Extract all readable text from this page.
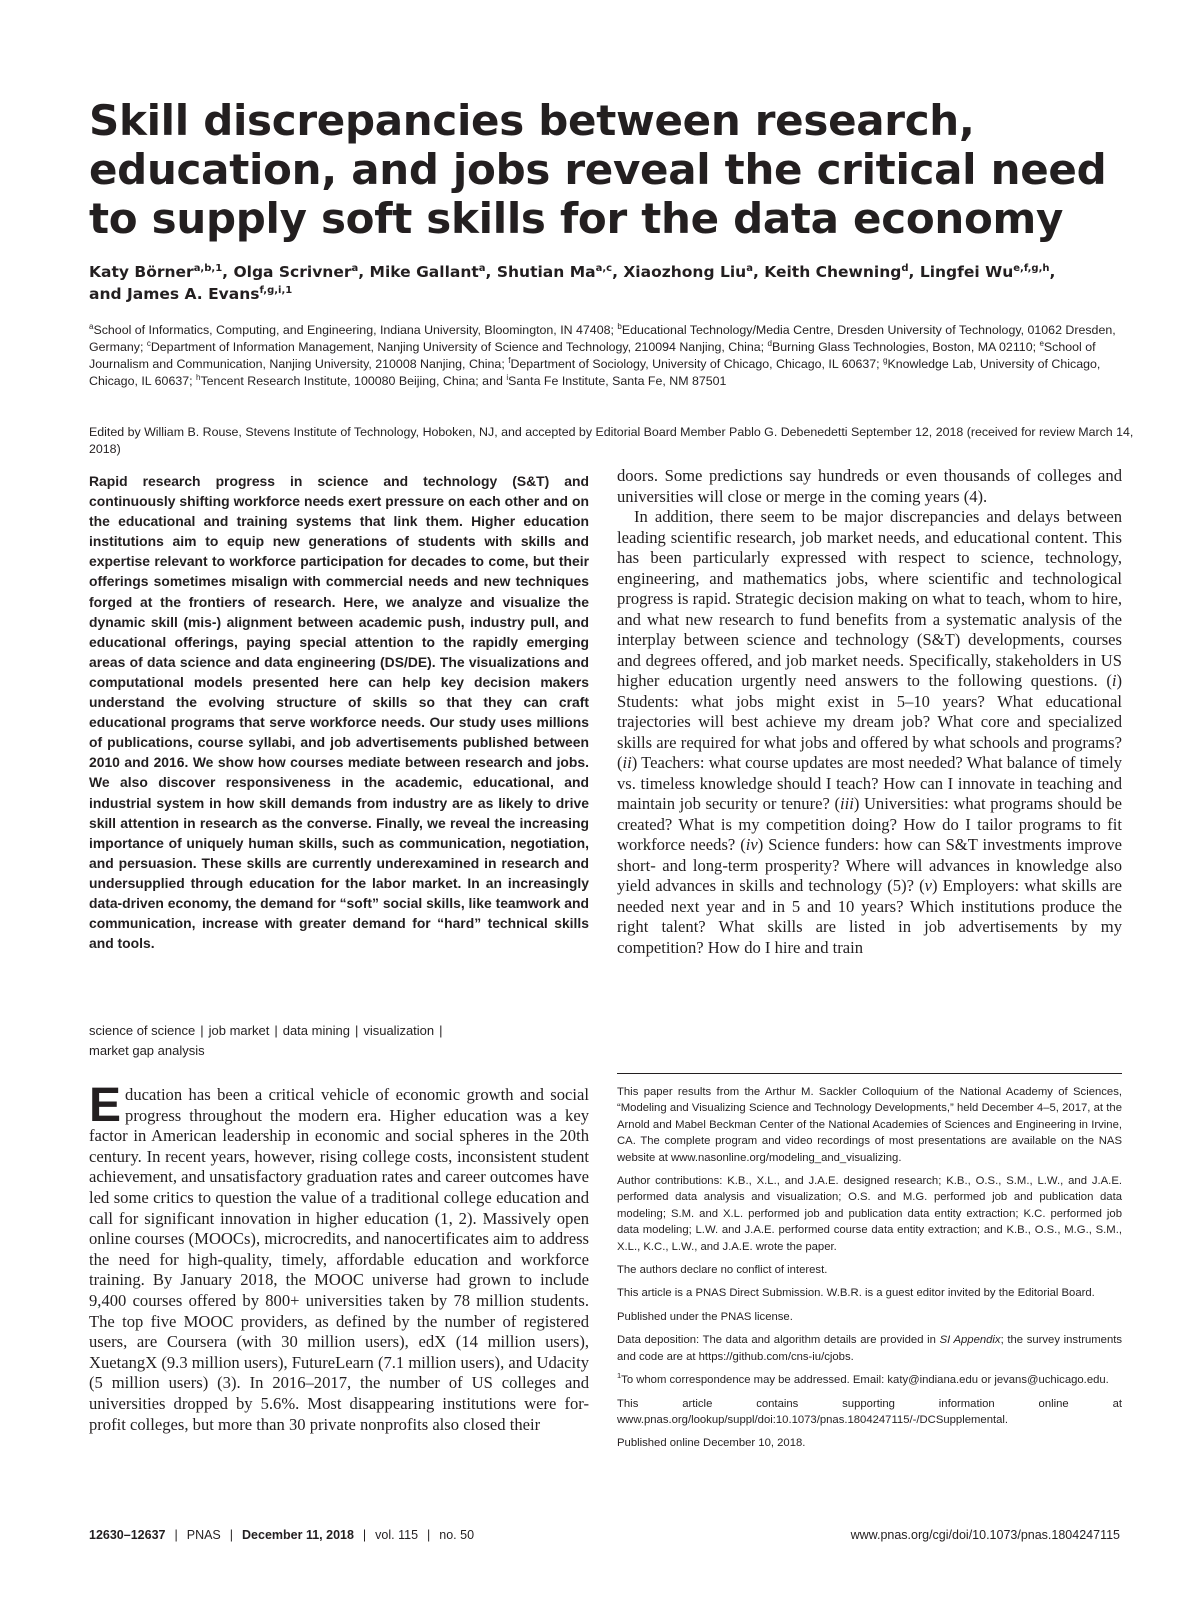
Skill discrepancies between research, education, and jobs reveal the critical need to supply soft skills for the data economy

Katy Börner$^{a,b,1}$, Olga Scrivner$^a$, Mike Gallant$^a$, Shutian Ma$^{a,c}$, Xiaozhong Liu$^a$, Keith Chewning$^d$, Lingfei Wu$^{e,f,g,h}$,
and James A. Evans$^{f,g,i,1}$

$^a$School of Informatics, Computing, and Engineering, Indiana University, Bloomington, IN 47408; $^b$Educational Technology/Media Centre, Dresden University of Technology, 01062 Dresden, Germany; $^c$Department of Information Management, Nanjing University of Science and Technology, 210094 Nanjing, China; $^d$Burning Glass Technologies, Boston, MA 02110; $^e$School of Journalism and Communication, Nanjing University, 210008 Nanjing, China; $^f$Department of Sociology, University of Chicago, Chicago, IL 60637; $^g$Knowledge Lab, University of Chicago, Chicago, IL 60637; $^h$Tencent Research Institute, 100080 Beijing, China; and $^i$Santa Fe Institute, Santa Fe, NM 87501

Edited by William B. Rouse, Stevens Institute of Technology, Hoboken, NJ, and accepted by Editorial Board Member Pablo G. Debenedetti September 12, 2018 (received for review March 14, 2018)

Rapid research progress in science and technology (S&T) and continuously shifting workforce needs exert pressure on each other and on the educational and training systems that link them. Higher education institutions aim to equip new generations of students with skills and expertise relevant to workforce participation for decades to come, but their offerings sometimes misalign with commercial needs and new techniques forged at the frontiers of research. Here, we analyze and visualize the dynamic skill (mis-) alignment between academic push, industry pull, and educational offerings, paying special attention to the rapidly emerging areas of data science and data engineering (DS/DE). The visualizations and computational models presented here can help key decision makers understand the evolving structure of skills so that they can craft educational programs that serve workforce needs. Our study uses millions of publications, course syllabi, and job advertisements published between 2010 and 2016. We show how courses mediate between research and jobs. We also discover responsiveness in the academic, educational, and industrial system in how skill demands from industry are as likely to drive skill attention in research as the converse. Finally, we reveal the increasing importance of uniquely human skills, such as communication, negotiation, and persuasion. These skills are currently underexamined in research and undersupplied through education for the labor market. In an increasingly data-driven economy, the demand for “soft” social skills, like teamwork and communication, increase with greater demand for “hard” technical skills and tools.

science of science | job market | data mining | visualization |
market gap analysis

doors. Some predictions say hundreds or even thousands of colleges and universities will close or merge in the coming years (4).

In addition, there seem to be major discrepancies and delays between leading scientific research, job market needs, and educational content. This has been particularly expressed with respect to science, technology, engineering, and mathematics jobs, where scientific and technological progress is rapid. Strategic decision making on what to teach, whom to hire, and what new research to fund benefits from a systematic analysis of the interplay between science and technology (S&T) developments, courses and degrees offered, and job market needs. Specifically, stakeholders in US higher education urgently need answers to the following questions. (i) Students: what jobs might exist in 5–10 years? What educational trajectories will best achieve my dream job? What core and specialized skills are required for what jobs and offered by what schools and programs? (ii) Teachers: what course updates are most needed? What balance of timely vs. timeless knowledge should I teach? How can I innovate in teaching and maintain job security or tenure? (iii) Universities: what programs should be created? What is my competition doing? How do I tailor programs to fit workforce needs? (iv) Science funders: how can S&T investments improve short- and long-term prosperity? Where will advances in knowledge also yield advances in skills and technology (5)? (v) Employers: what skills are needed next year and in 5 and 10 years? Which institutions produce the right talent? What skills are listed in job advertisements by my competition? How do I hire and train

Education has been a critical vehicle of economic growth and social progress throughout the modern era. Higher education was a key factor in American leadership in economic and social spheres in the 20th century. In recent years, however, rising college costs, inconsistent student achievement, and unsatisfactory graduation rates and career outcomes have led some critics to question the value of a traditional college education and call for significant innovation in higher education (1, 2). Massively open online courses (MOOCs), microcredits, and nanocertificates aim to address the need for high-quality, timely, affordable education and workforce training. By January 2018, the MOOC universe had grown to include 9,400 courses offered by 800+ universities taken by 78 million students. The top five MOOC providers, as defined by the number of registered users, are Coursera (with 30 million users), edX (14 million users), XuetangX (9.3 million users), FutureLearn (7.1 million users), and Udacity (5 million users) (3). In 2016–2017, the number of US colleges and universities dropped by 5.6%. Most disappearing institutions were for-profit colleges, but more than 30 private nonprofits also closed their

This paper results from the Arthur M. Sackler Colloquium of the National Academy of Sciences, “Modeling and Visualizing Science and Technology Developments,” held December 4–5, 2017, at the Arnold and Mabel Beckman Center of the National Academies of Sciences and Engineering in Irvine, CA. The complete program and video recordings of most presentations are available on the NAS website at www.nasonline.org/modeling_and_visualizing.

Author contributions: K.B., X.L., and J.A.E. designed research; K.B., O.S., S.M., L.W., and J.A.E. performed data analysis and visualization; O.S. and M.G. performed job and publication data modeling; S.M. and X.L. performed job and publication data entity extraction; K.C. performed job data modeling; L.W. and J.A.E. performed course data entity extraction; and K.B., O.S., M.G., S.M., X.L., K.C., L.W., and J.A.E. wrote the paper.

The authors declare no conflict of interest.

This article is a PNAS Direct Submission. W.B.R. is a guest editor invited by the Editorial Board.

Published under the PNAS license.

Data deposition: The data and algorithm details are provided in SI Appendix; the survey instruments and code are at https://github.com/cns-iu/cjobs.

$^1$To whom correspondence may be addressed. Email: katy@indiana.edu or jevans@uchicago.edu.

This article contains supporting information online at www.pnas.org/lookup/suppl/doi:10.1073/pnas.1804247115/-/DCSupplemental.

Published online December 10, 2018.

12630–12637 | PNAS | December 11, 2018 | vol. 115 | no. 50	www.pnas.org/cgi/doi/10.1073/pnas.1804247115
